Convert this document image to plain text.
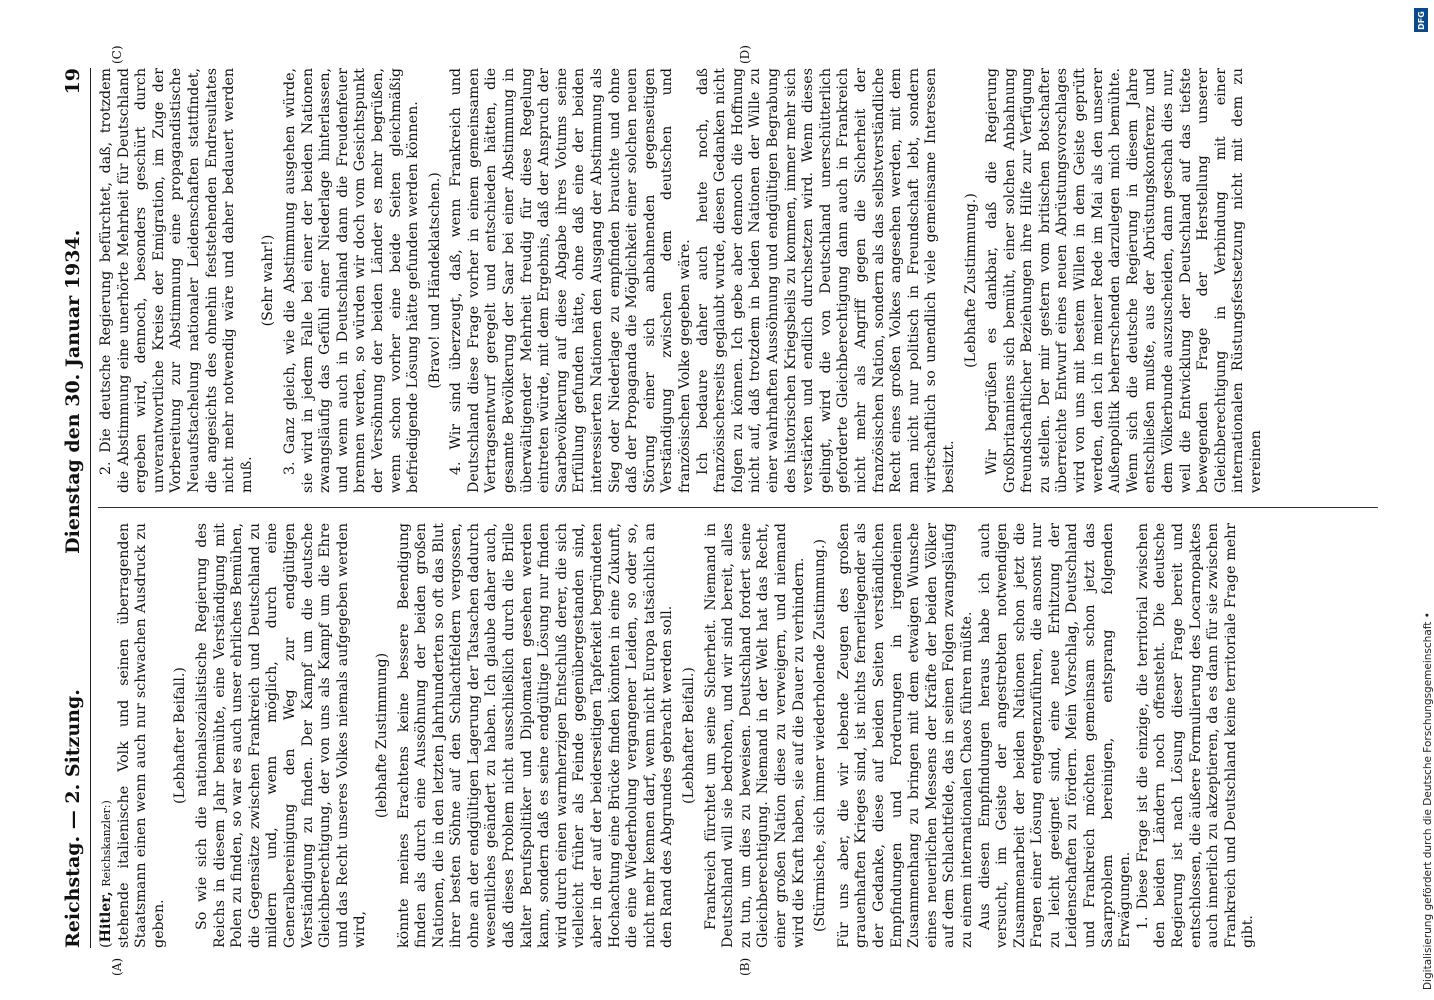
Reichstag. — 2. Sitzung.
Dienstag den 30. Januar 1934.
19
(A)	(B)
(C)	(D)

(Hitler, Reichskanzler:) stehende italienische Volk und seinen überragenden Staatsmann einen wenn auch nur schwachen Ausdruck zu geben.

(Lebhafter Beifall.) So wie sich die nationalsozialistische Regierung des Reichs in diesem Jahr bemühte, eine Verständigung mit Polen zu finden, so war es auch unser ehrliches Bemühen, die Gegensätze zwischen Frankreich und Deutschland zu mildern und, wenn möglich, durch eine Generalbereinigung den Weg zur endgültigen Verständigung zu finden. Der Kampf um die deutsche Gleichberechtigung, der von uns als Kampf um die Ehre und das Recht unseres Volkes niemals aufgegeben werden wird,

(lebhafte Zustimmung) könnte meines Erachtens keine bessere Beendigung finden als durch eine Aussöhnung der beiden großen Nationen, die in den letzten Jahrhunderten so oft das Blut ihrer besten Söhne auf den Schlachtfeldern vergossen, ohne an der endgültigen Lagerung der Tatsachen dadurch wesentliches geändert zu haben. Ich glaube daher auch, daß dieses Problem nicht ausschließlich durch die Brille kalter Berufspolitiker und Diplomaten gesehen werden kann, sondern daß es seine endgültige Lösung nur finden wird durch einen warmherzigen Entschluß derer, die sich vielleicht früher als Feinde gegenübergestanden sind, aber in der auf der beiderseitigen Tapferkeit begründeten Hochachtung eine Brücke finden könnten in eine Zukunft, die eine Wiederholung vergangener Leiden, so oder so, nicht mehr kennen darf, wenn nicht Europa tatsächlich an den Rand des Abgrundes gebracht werden soll. (Lebhafter Beifall.) Frankreich fürchtet um seine Sicherheit. Niemand in Deutschland will sie bedrohen, und wir sind bereit, alles zu tun, um dies zu beweisen. Deutschland fordert seine Gleichberechtigung. Niemand in der Welt hat das Recht, einer großen Nation diese zu verweigern, und niemand wird die Kraft haben, sie auf die Dauer zu verhindern. (Stürmische, sich immer wiederholende Zustimmung.) Für uns aber, die wir lebende Zeugen des großen grauenhaften Krieges sind, ist nichts fernerliegender als der Gedanke, diese auf beiden Seiten verständlichen Empfindungen und Forderungen in irgendeinen Zusammenhang zu bringen mit dem etwaigen Wunsche eines neuerlichen Messens der Kräfte der beiden Völker auf dem Schlachtfelde, das in seinen Folgen zwangsläufig zu einem internationalen Chaos führen müßte. Aus diesen Empfindungen heraus habe ich auch versucht, im Geiste der angestrebten notwendigen Zusammenarbeit der beiden Nationen schon jetzt die Fragen einer Lösung entgegenzuführen, die ansonst nur zu leicht geeignet sind, eine neue Erhitzung der Leidenschaften zu fördern. Mein Vorschlag, Deutschland und Frankreich möchten gemeinsam schon jetzt das Saarproblem bereinigen, entsprang folgenden Erwägungen. 1. Diese Frage ist die einzige, die territorial zwischen den beiden Ländern noch offensteht. Die deutsche Regierung ist nach Lösung dieser Frage bereit und entschlossen, die äußere Formulierung des Locarnopaktes auch innerlich zu akzeptieren, da es dann für sie zwischen Frankreich und Deutschland keine territoriale Frage mehr gibt.

2. Die deutsche Regierung befürchtet, daß, trotzdem die Abstimmung eine unerhörte Mehrheit für Deutschland ergeben wird, dennoch, besonders geschürt durch unverantwortliche Kreise der Emigration, im Zuge der Vorbereitung zur Abstimmung eine propagandistische Neuaufstachelung nationaler Leidenschaften stattfindet, die angesichts des ohnehin feststehenden Endresultates nicht mehr notwendig wäre und daher bedauert werden muß.

(Sehr wahr!) 3. Ganz gleich, wie die Abstimmung ausgehen würde, sie wird in jedem Falle bei einer der beiden Nationen zwangsläufig das Gefühl einer Niederlage hinterlassen, und wenn auch in Deutschland dann die Freudenfeuer brennen werden, so würden wir doch vom Gesichtspunkt der Versöhnung der beiden Länder es mehr begrüßen, wenn schon vorher eine beide Seiten gleichmäßig befriedigende Lösung hätte gefunden werden können. (Bravo! und Händeklatschen.) 4. Wir sind überzeugt, daß, wenn Frankreich und Deutschland diese Frage vorher in einem gemeinsamen Vertragsentwurf geregelt und entschieden hätten, die gesamte Bevölkerung der Saar bei einer Abstimmung in überwältigender Mehrheit freudig für diese Regelung eintreten würde, mit dem Ergebnis, daß der Anspruch der Saarbevölkerung auf diese Abgabe ihres Votums seine Erfüllung gefunden hätte, ohne daß eine der beiden interessierten Nationen den Ausgang der Abstimmung als Sieg oder Niederlage zu empfinden brauchte und ohne daß der Propaganda die Möglichkeit einer solchen neuen Störung einer sich anbahnenden gegenseitigen Verständigung zwischen dem deutschen und französischen Volke gegeben wäre. Ich bedaure daher auch heute noch, daß französischerseits geglaubt wurde, diesen Gedanken nicht folgen zu können. Ich gebe aber dennoch die Hoffnung nicht auf, daß trotzdem in beiden Nationen der Wille zu einer wahrhaften Aussöhnung und endgültigen Begrabung des historischen Kriegsbeils zu kommen, immer mehr sich verstärken und endlich durchsetzen wird. Wenn dieses gelingt, wird die von Deutschland unerschütterlich geforderte Gleichberechtigung dann auch in Frankreich nicht mehr als Angriff gegen die Sicherheit der französischen Nation, sondern als das selbstverständliche Recht eines großen Volkes angesehen werden, mit dem man nicht nur politisch in Freundschaft lebt, sondern wirtschaftlich so unendlich viele gemeinsame Interessen besitzt.

(Lebhafte Zustimmung.) Wir begrüßen es dankbar, daß die Regierung Großbritanniens sich bemüht, einer solchen Anbahnung freundschaftlicher Beziehungen ihre Hilfe zur Verfügung zu stellen. Der mir gestern vom britischen Botschafter überreichte Entwurf eines neuen Abrüstungsvorschlages wird von uns mit bestem Willen in dem Geiste geprüft werden, den ich in meiner Rede im Mai als den unserer Außenpolitik beherrschenden darzulegen mich bemühte. Wenn sich die deutsche Regierung in diesem Jahre entschließen mußte, aus der Abrüstungskonferenz und dem Völkerbunde auszuscheiden, dann geschah dies nur, weil die Entwicklung der Deutschland auf das tiefste bewegenden Frage der Herstellung unserer Gleichberechtigung in Verbindung mit einer internationalen Rüstungsfestsetzung nicht mit dem zu vereinen

DFG
Digitalisierung gefördert durch die Deutsche Forschungsgemeinschaft •
